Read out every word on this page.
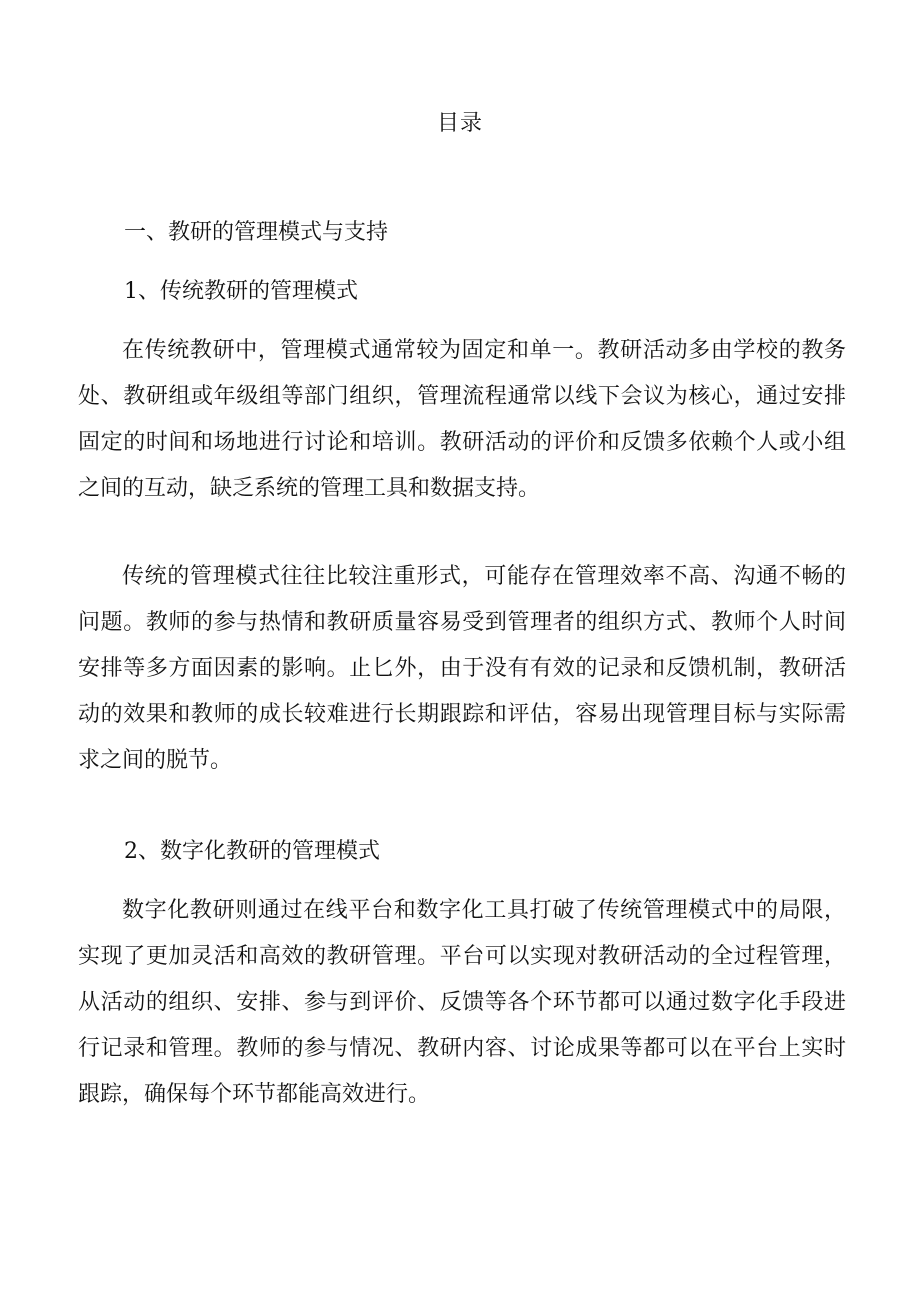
目录
一、教研的管理模式与支持
1、传统教研的管理模式

在传统教研中，管理模式通常较为固定和单一。教研活动多由学校的教务处、教研组或年级组等部门组织，管理流程通常以线下会议为核心，通过安排固定的时间和场地进行讨论和培训。教研活动的评价和反馈多依赖个人或小组之间的互动，缺乏系统的管理工具和数据支持。

传统的管理模式往往比较注重形式，可能存在管理效率不高、沟通不畅的问题。教师的参与热情和教研质量容易受到管理者的组织方式、教师个人时间安排等多方面因素的影响。止匕外，由于没有有效的记录和反馈机制，教研活动的效果和教师的成长较难进行长期跟踪和评估，容易出现管理目标与实际需求之间的脱节。

2、数字化教研的管理模式

数字化教研则通过在线平台和数字化工具打破了传统管理模式中的局限，实现了更加灵活和高效的教研管理。平台可以实现对教研活动的全过程管理，从活动的组织、安排、参与到评价、反馈等各个环节都可以通过数字化手段进行记录和管理。教师的参与情况、教研内容、讨论成果等都可以在平台上实时跟踪，确保每个环节都能高效进行。
